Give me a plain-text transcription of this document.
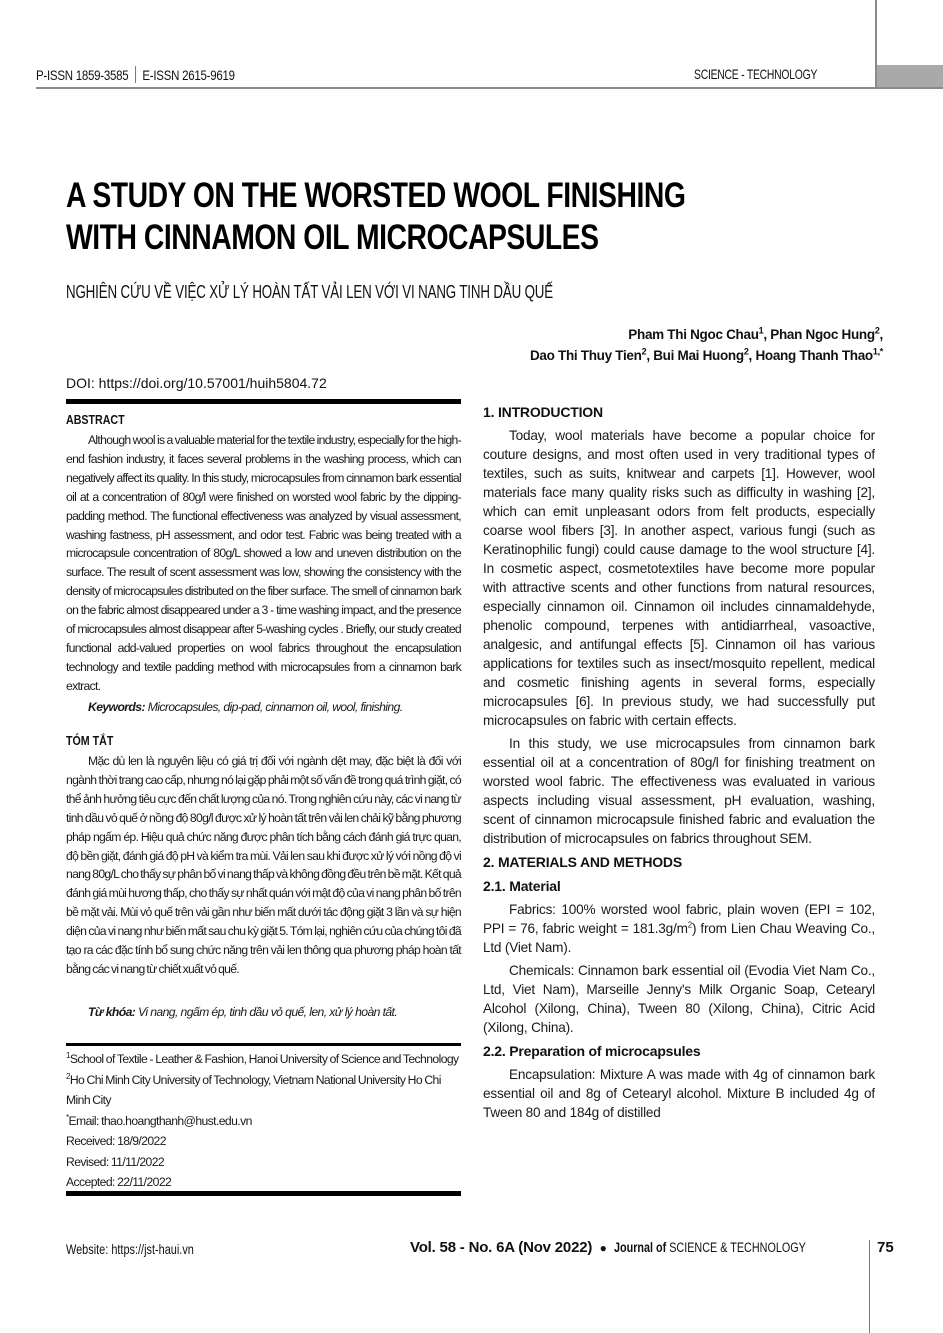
P-ISSN 1859-3585 E-ISSN 2615-9619	SCIENCE - TECHNOLOGY
A STUDY ON THE WORSTED WOOL FINISHING
WITH CINNAMON OIL MICROCAPSULES
NGHIÊN CỨU VỀ VIỆC XỬ LÝ HOÀN TẤT VẢI LEN VỚI VI NANG TINH DẦU QUẾ
Pham Thi Ngoc Chau$^1$, Phan Ngoc Hung$^2$,
Dao Thi Thuy Tien$^2$, Bui Mai Huong$^2$, Hoang Thanh Thao$^{1,*}$
DOI: https://doi.org/10.57001/huih5804.72
ABSTRACT

Although wool is a valuable material for the textile industry, especially for the high-end fashion industry, it faces several problems in the washing process, which can negatively affect its quality. In this study, microcapsules from cinnamon bark essential oil at a concentration of 80g/l were finished on worsted wool fabric by the dipping-padding method. The functional effectiveness was analyzed by visual assessment, washing fastness, pH assessment, and odor test. Fabric was being treated with a microcapsule concentration of 80g/L showed a low and uneven distribution on the surface. The result of scent assessment was low, showing the consistency with the density of microcapsules distributed on the fiber surface. The smell of cinnamon bark on the fabric almost disappeared under a 3 - time washing impact, and the presence of microcapsules almost disappear after 5-washing cycles . Briefly, our study created functional add-valued properties on wool fabrics throughout the encapsulation technology and textile padding method with microcapsules from a cinnamon bark extract.

Keywords: Microcapsules, dip-pad, cinnamon oil, wool, finishing.
TÓM TẮT

Mặc dù len là nguyên liệu có giá trị đối với ngành dệt may, đặc biệt là đối với ngành thời trang cao cấp, nhưng nó lại gặp phải một số vấn đề trong quá trình giặt, có thể ảnh hưởng tiêu cực đến chất lượng của nó. Trong nghiên cứu này, các vi nang từ tinh dầu vỏ quế ở nồng độ 80g/l được xử lý hoàn tất trên vải len chải kỹ bằng phương pháp ngấm ép. Hiệu quả chức năng được phân tích bằng cách đánh giá trực quan, độ bền giặt, đánh giá độ pH và kiểm tra mùi. Vải len sau khi được xử lý với nồng độ vi nang 80g/L cho thấy sự phân bố vi nang thấp và không đồng đều trên bề mặt. Kết quả đánh giá mùi hương thấp, cho thấy sự nhất quán với mật độ của vi nang phân bố trên bề mặt vải. Mùi vỏ quế trên vải gần như biến mất dưới tác động giặt 3 lần và sự hiện diện của vi nang như biến mất sau chu kỳ giặt 5. Tóm lại, nghiên cứu của chúng tôi đã tạo ra các đặc tính bổ sung chức năng trên vải len thông qua phương pháp hoàn tất bằng các vi nang từ chiết xuất vỏ quế.

Từ khóa: Vi nang, ngấm ép, tinh dầu vỏ quế, len, xử lý hoàn tất.
$^1$School of Textile - Leather & Fashion, Hanoi University of Science and Technology
$^2$Ho Chi Minh City University of Technology, Vietnam National University Ho Chi Minh City
*Email: thao.hoangthanh@hust.edu.vn
Received: 18/9/2022
Revised: 11/11/2022
Accepted: 22/11/2022
1. INTRODUCTION

Today, wool materials have become a popular choice for couture designs, and most often used in very traditional types of textiles, such as suits, knitwear and carpets [1]. However, wool materials face many quality risks such as difficulty in washing [2], which can emit unpleasant odors from felt products, especially coarse wool fibers [3]. In another aspect, various fungi (such as Keratinophilic fungi) could cause damage to the wool structure [4]. In cosmetic aspect, cosmetotextiles have become more popular with attractive scents and other functions from natural resources, especially cinnamon oil. Cinnamon oil includes cinnamaldehyde, phenolic compound, terpenes with antidiarrheal, vasoactive, analgesic, and antifungal effects [5]. Cinnamon oil has various applications for textiles such as insect/mosquito repellent, medical and cosmetic finishing agents in several forms, especially microcapsules [6]. In previous study, we had successfully put microcapsules on fabric with certain effects.

In this study, we use microcapsules from cinnamon bark essential oil at a concentration of 80g/l for finishing treatment on worsted wool fabric. The effectiveness was evaluated in various aspects including visual assessment, pH evaluation, washing, scent of cinnamon microcapsule finished fabric and evaluation the distribution of microcapsules on fabrics throughout SEM.

2. MATERIALS AND METHODS
2.1. Material

Fabrics: 100% worsted wool fabric, plain woven (EPI = 102, PPI = 76, fabric weight = $181.3g/m^2$) from Lien Chau Weaving Co., Ltd (Viet Nam).

Chemicals: Cinnamon bark essential oil (Evodia Viet Nam Co., Ltd, Viet Nam), Marseille Jenny's Milk Organic Soap, Cetearyl Alcohol (Xilong, China), Tween 80 (Xilong, China), Citric Acid (Xilong, China).

2.2. Preparation of microcapsules

Encapsulation: Mixture A was made with 4g of cinnamon bark essential oil and 8g of Cetearyl alcohol. Mixture B included 4g of Tween 80 and 184g of distilled

Website: https://jst-haui.vn	Vol. 58 - No. 6A (Nov 2022) ● Journal of SCIENCE & TECHNOLOGY	75
